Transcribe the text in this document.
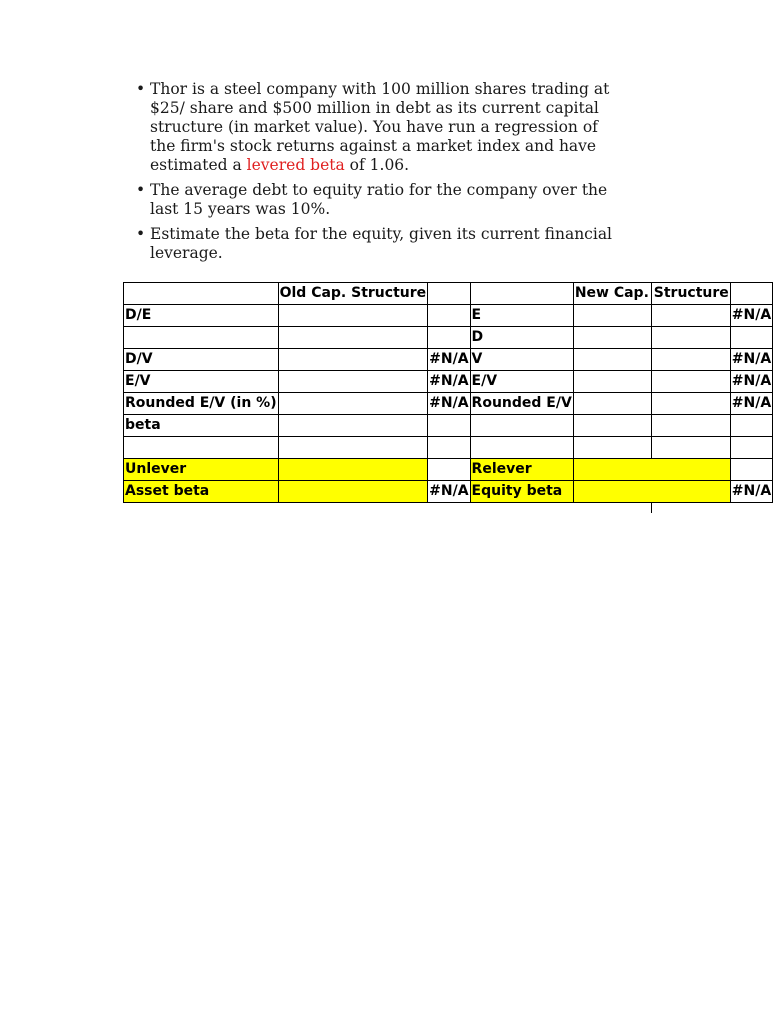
• Thor is a steel company with 100 million shares trading at $25/ share and $500 million in debt as its current capital structure (in market value). You have run a regression of the firm's stock returns against a market index and have estimated a levered beta of 1.06.
• The average debt to equity ratio for the company over the last 15 years was 10%.
• Estimate the beta for the equity, given its current financial leverage.
	Old Cap. Structure			New Cap. Structure	
D/E			E		#N/A
			D		
D/V		#N/A	V		#N/A
E/V		#N/A	E/V		#N/A
Rounded E/V (in %)		#N/A	Rounded E/V		#N/A
beta					

Unlever			Relever		
Asset beta		#N/A	Equity beta		#N/A
